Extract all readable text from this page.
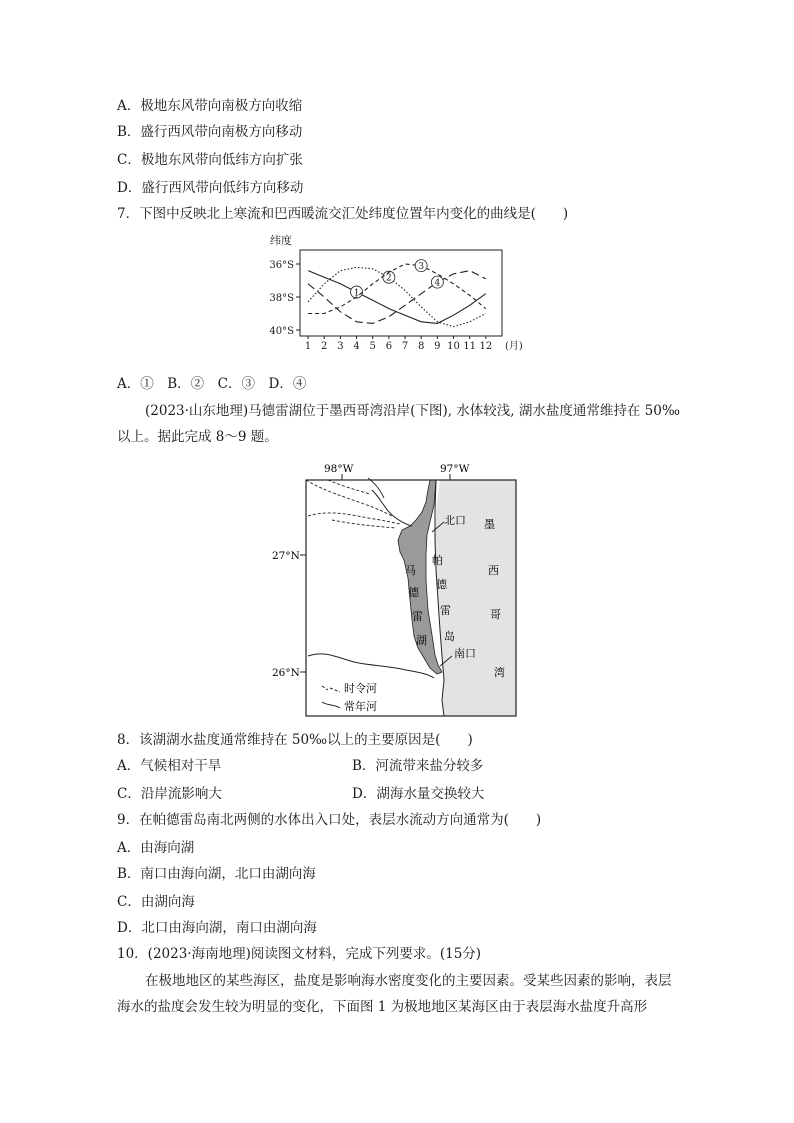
A．极地东风带向南极方向收缩
B．盛行西风带向南极方向移动
C．极地东风带向低纬方向扩张
D．盛行西风带向低纬方向移动
7．下图中反映北上寒流和巴西暖流交汇处纬度位置年内变化的曲线是(　　)
纬度
36°S
38°S
40°S
1 2 3 4 5 6 7 8 9 10 11 12 (月)
1
2
3
4
A．①　B．②　C．③　D．④
(2023·山东地理)马德雷湖位于墨西哥湾沿岸(下图), 水体较浅, 湖水盐度通常维持在 50‰以上。据此完成 8～9 题。
98°W	97°W
27°N
26°N
北口
南口
马
德
雷
湖
帕
德
雷
岛
墨
西
哥
湾
时令河
常年河
8．该湖湖水盐度通常维持在 50‰以上的主要原因是(　　)
A．气候相对干旱	B．河流带来盐分较多
C．沿岸流影响大	D．湖海水量交换较大
9．在帕德雷岛南北两侧的水体出入口处，表层水流动方向通常为(　　)
A．由海向湖
B．南口由海向湖，北口由湖向海
C．由湖向海
D．北口由海向湖，南口由湖向海
10．(2023·海南地理)阅读图文材料，完成下列要求。(15分)
在极地地区的某些海区，盐度是影响海水密度变化的主要因素。受某些因素的影响，表层海水的盐度会发生较为明显的变化，下面图 1 为极地地区某海区由于表层海水盐度升高形
